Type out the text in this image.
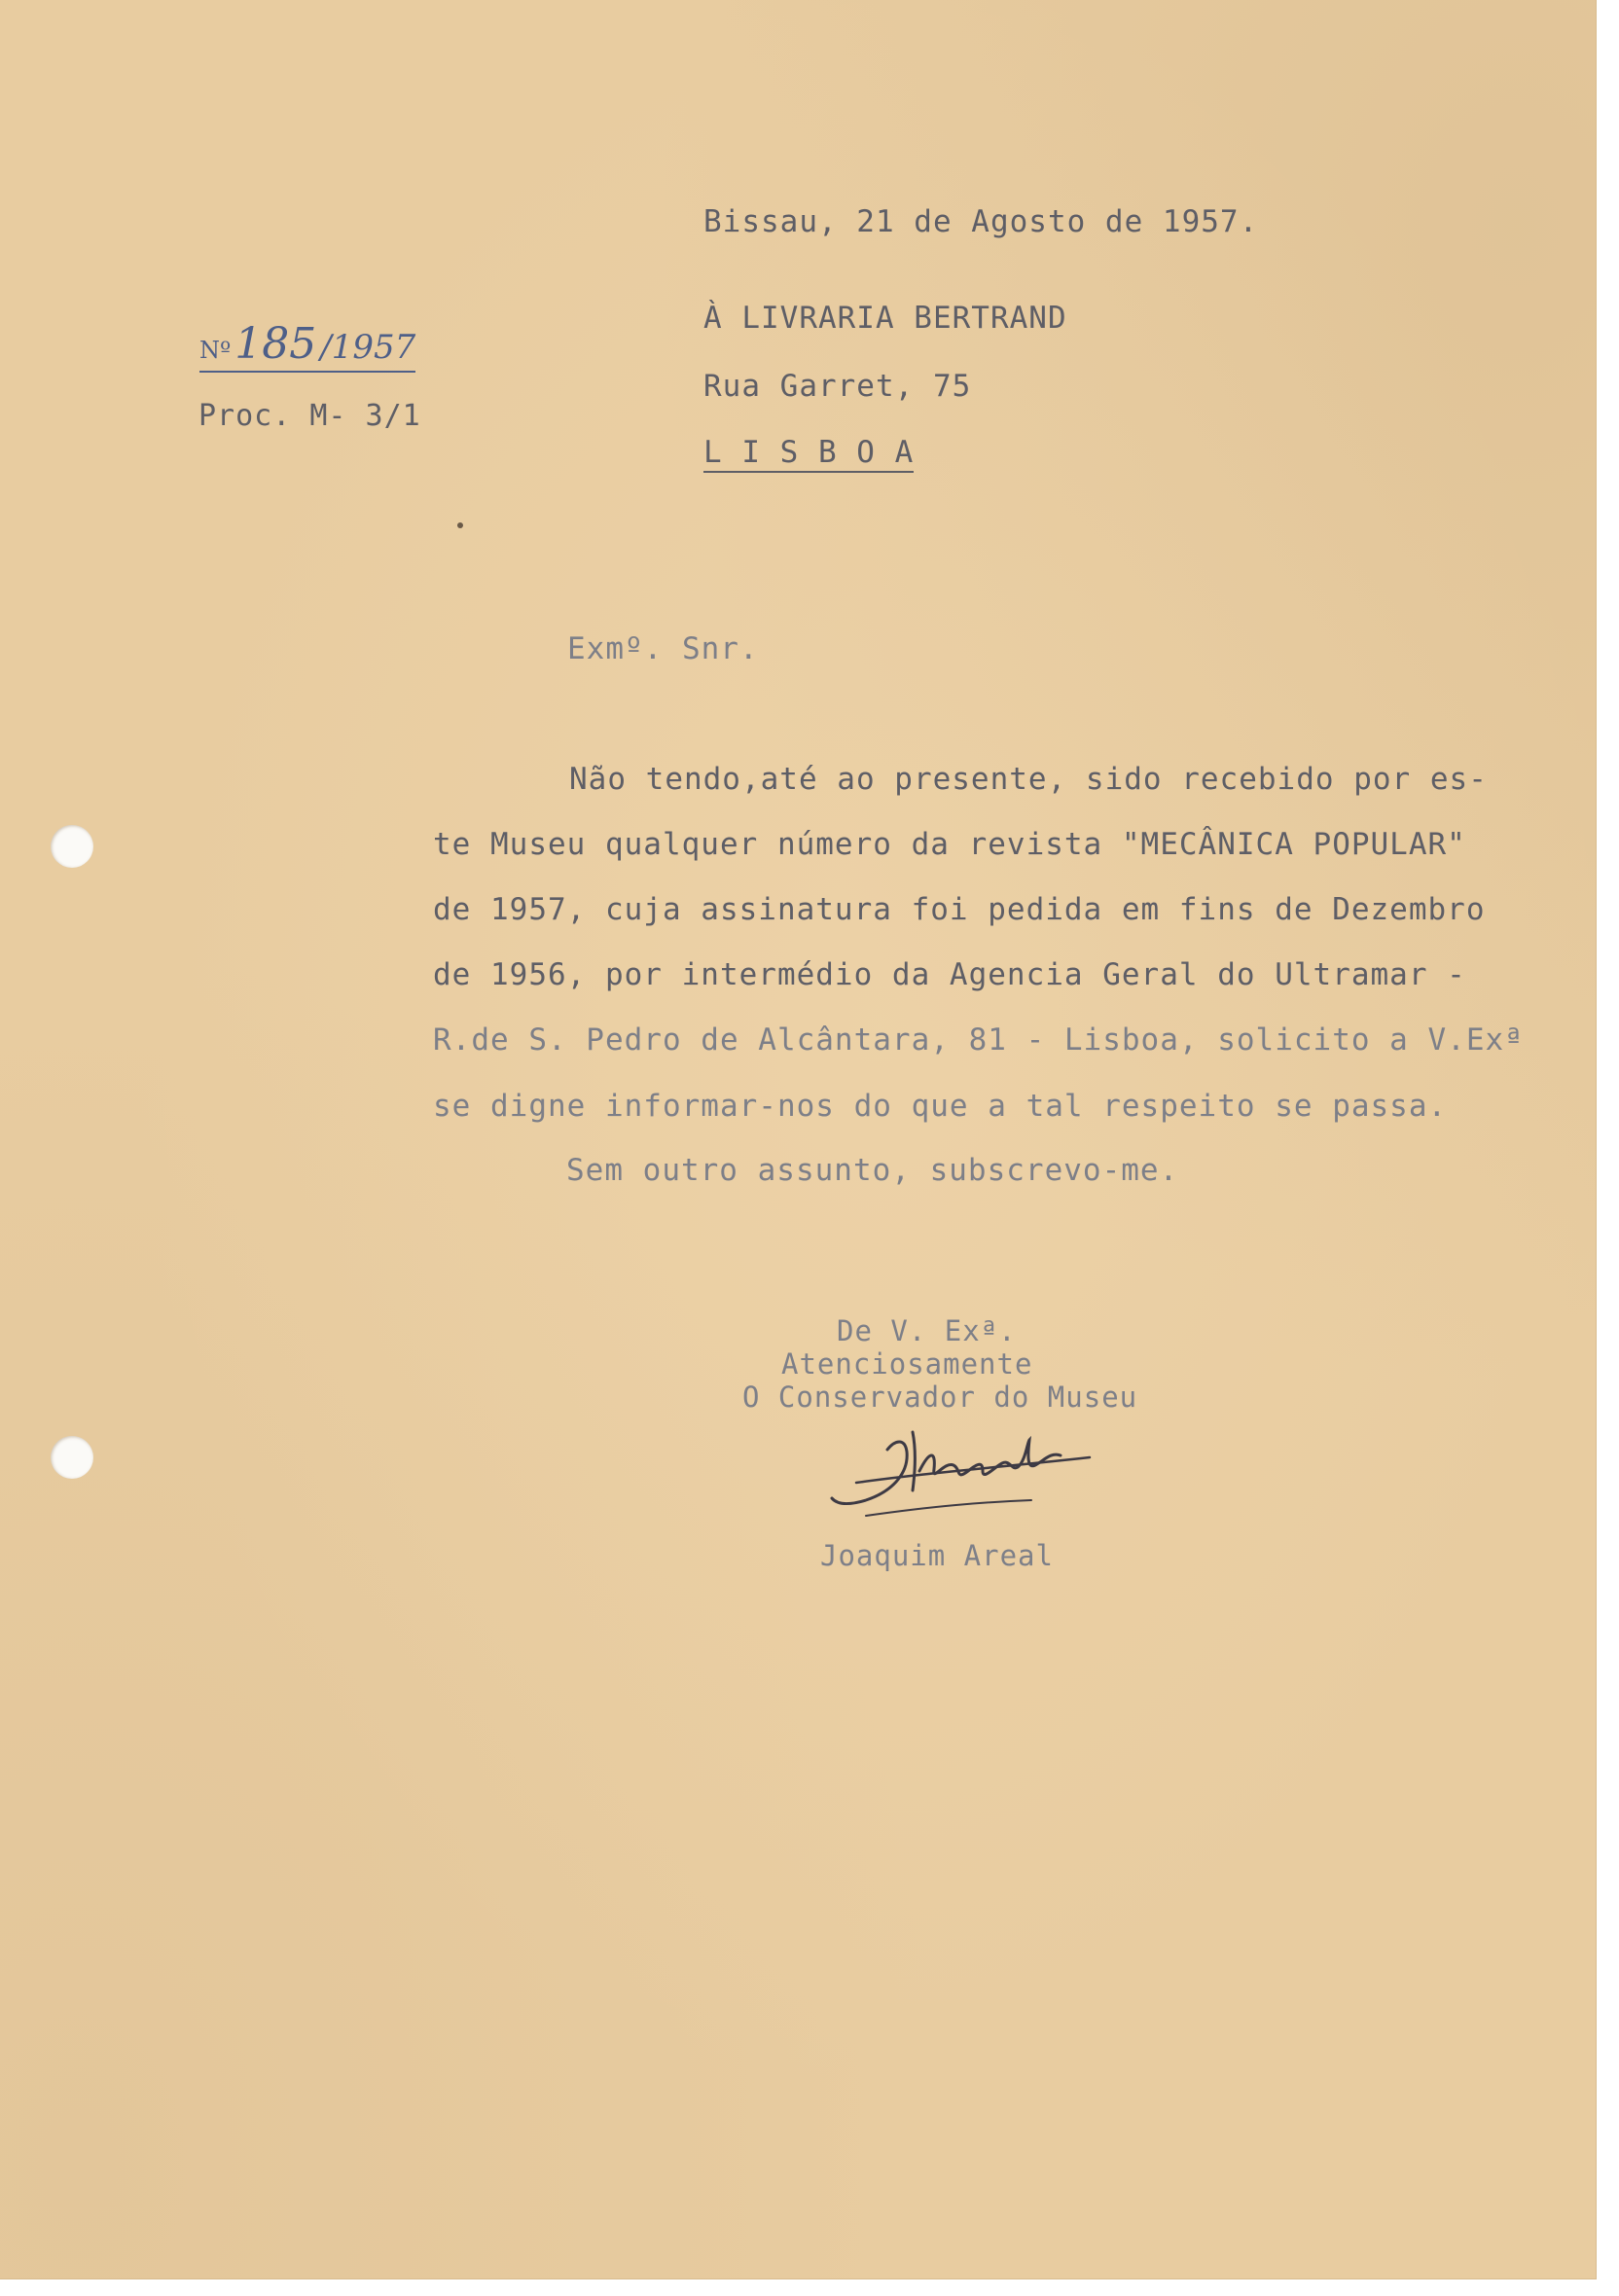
Bissau, 21 de Agosto de 1957.
Nº185 /1957
Proc. M- 3/1
À LIVRARIA BERTRAND
Rua Garret, 75
L I S B O A
Exmº. Snr.
Não tendo,até ao presente, sido recebido por es-
te Museu qualquer número da revista "MECÂNICA POPULAR"
de 1957, cuja assinatura foi pedida em fins de Dezembro
de 1956, por intermédio da Agencia Geral do Ultramar -
R.de S. Pedro de Alcântara, 81 - Lisboa, solicito a V.Exª
se digne informar-nos do que a tal respeito se passa.
Sem outro assunto, subscrevo-me.
De V. Exª.
Atenciosamente
O Conservador do Museu
Joaquim Areal
